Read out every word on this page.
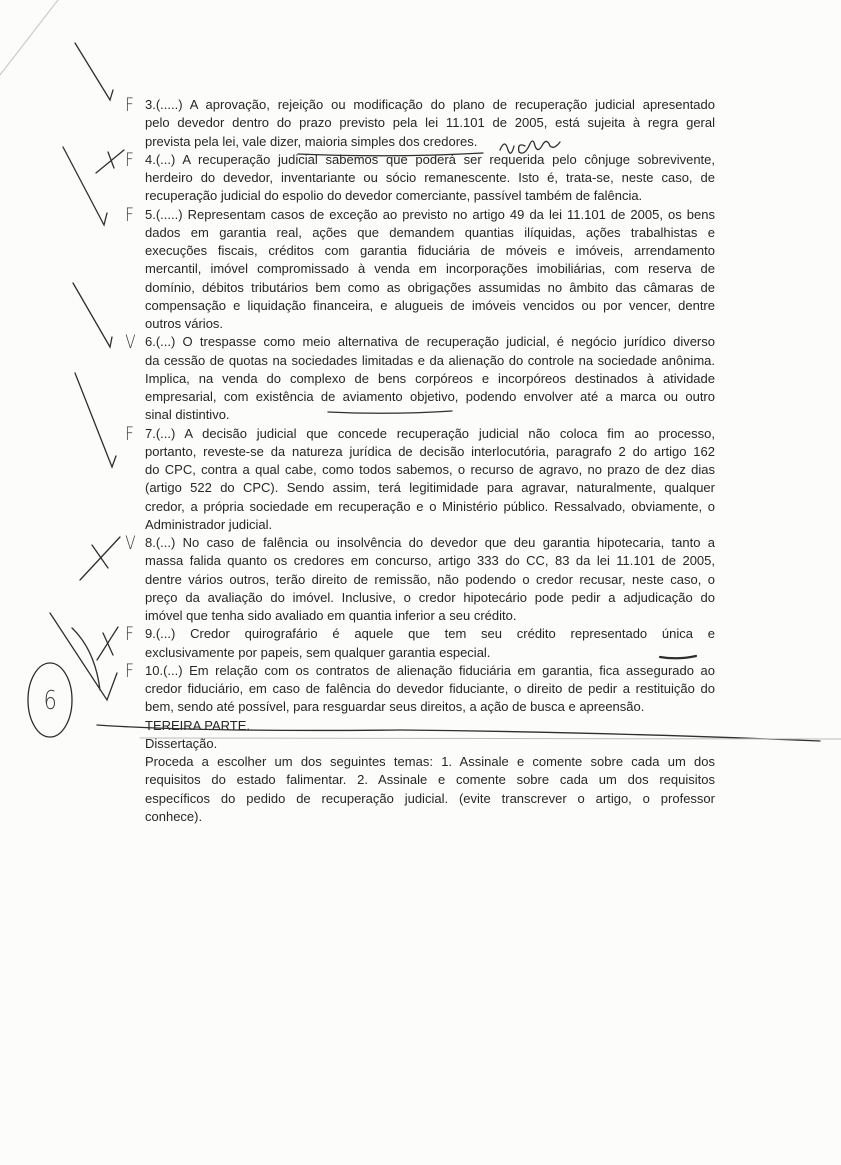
3.(.....) A aprovação, rejeição ou modificação do plano de recuperação judicial apresentado
pelo devedor dentro do prazo previsto pela lei 11.101 de 2005, está sujeita à regra geral
prevista pela lei, vale dizer, maioria simples dos credores.
4.(...) A recuperação judicial sabemos que poderá ser requerida pelo cônjuge sobrevivente,
herdeiro do devedor, inventariante ou sócio remanescente. Isto é, trata-se, neste caso, de
recuperação judicial do espolio do devedor comerciante, passível também de falência.
5.(.....) Representam casos de exceção ao previsto no artigo 49 da lei 11.101 de 2005, os bens
dados em garantia real, ações que demandem quantias ilíquidas, ações trabalhistas e
execuções fiscais, créditos com garantia fiduciária de móveis e imóveis, arrendamento
mercantil, imóvel compromissado à venda em incorporações imobiliárias, com reserva de
domínio, débitos tributários bem como as obrigações assumidas no âmbito das câmaras de
compensação e liquidação financeira, e alugueis de imóveis vencidos ou por vencer, dentre
outros vários.
6.(...) O trespasse como meio alternativa de recuperação judicial, é negócio jurídico diverso
da cessão de quotas na sociedades limitadas e da alienação do controle na sociedade anônima.
Implica, na venda do complexo de bens corpóreos e incorpóreos destinados à atividade
empresarial, com existência de aviamento objetivo, podendo envolver até a marca ou outro
sinal distintivo.
7.(...) A decisão judicial que concede recuperação judicial não coloca fim ao processo,
portanto, reveste-se da natureza jurídica de decisão interlocutória, paragrafo 2 do artigo 162
do CPC, contra a qual cabe, como todos sabemos, o recurso de agravo, no prazo de dez dias
(artigo 522 do CPC). Sendo assim, terá legitimidade para agravar, naturalmente, qualquer
credor, a própria sociedade em recuperação e o Ministério público. Ressalvado, obviamente, o
Administrador judicial.
8.(...) No caso de falência ou insolvência do devedor que deu garantia hipotecaria, tanto a
massa falida quanto os credores em concurso, artigo 333 do CC, 83 da lei 11.101 de 2005,
dentre vários outros, terão direito de remissão, não podendo o credor recusar, neste caso, o
preço da avaliação do imóvel. Inclusive, o credor hipotecário pode pedir a adjudicação do
imóvel que tenha sido avaliado em quantia inferior a seu crédito.
9.(...) Credor quirografário é aquele que tem seu crédito representado única e
exclusivamente por papeis, sem qualquer garantia especial.
10.(...) Em relação com os contratos de alienação fiduciária em garantia, fica assegurado ao
credor fiduciário, em caso de falência do devedor fiduciante, o direito de pedir a restituição do
bem, sendo até possível, para resguardar seus direitos, a ação de busca e apreensão.
TEREIRA PARTE.
Dissertação.
Proceda a escolher um dos seguintes temas: 1. Assinale e comente sobre cada um dos
requisitos do estado falimentar. 2. Assinale e comente sobre cada um dos requisitos
específicos do pedido de recuperação judicial. (evite transcrever o artigo, o professor
conhece).
6
F
F
F
V
F
V
F
F
